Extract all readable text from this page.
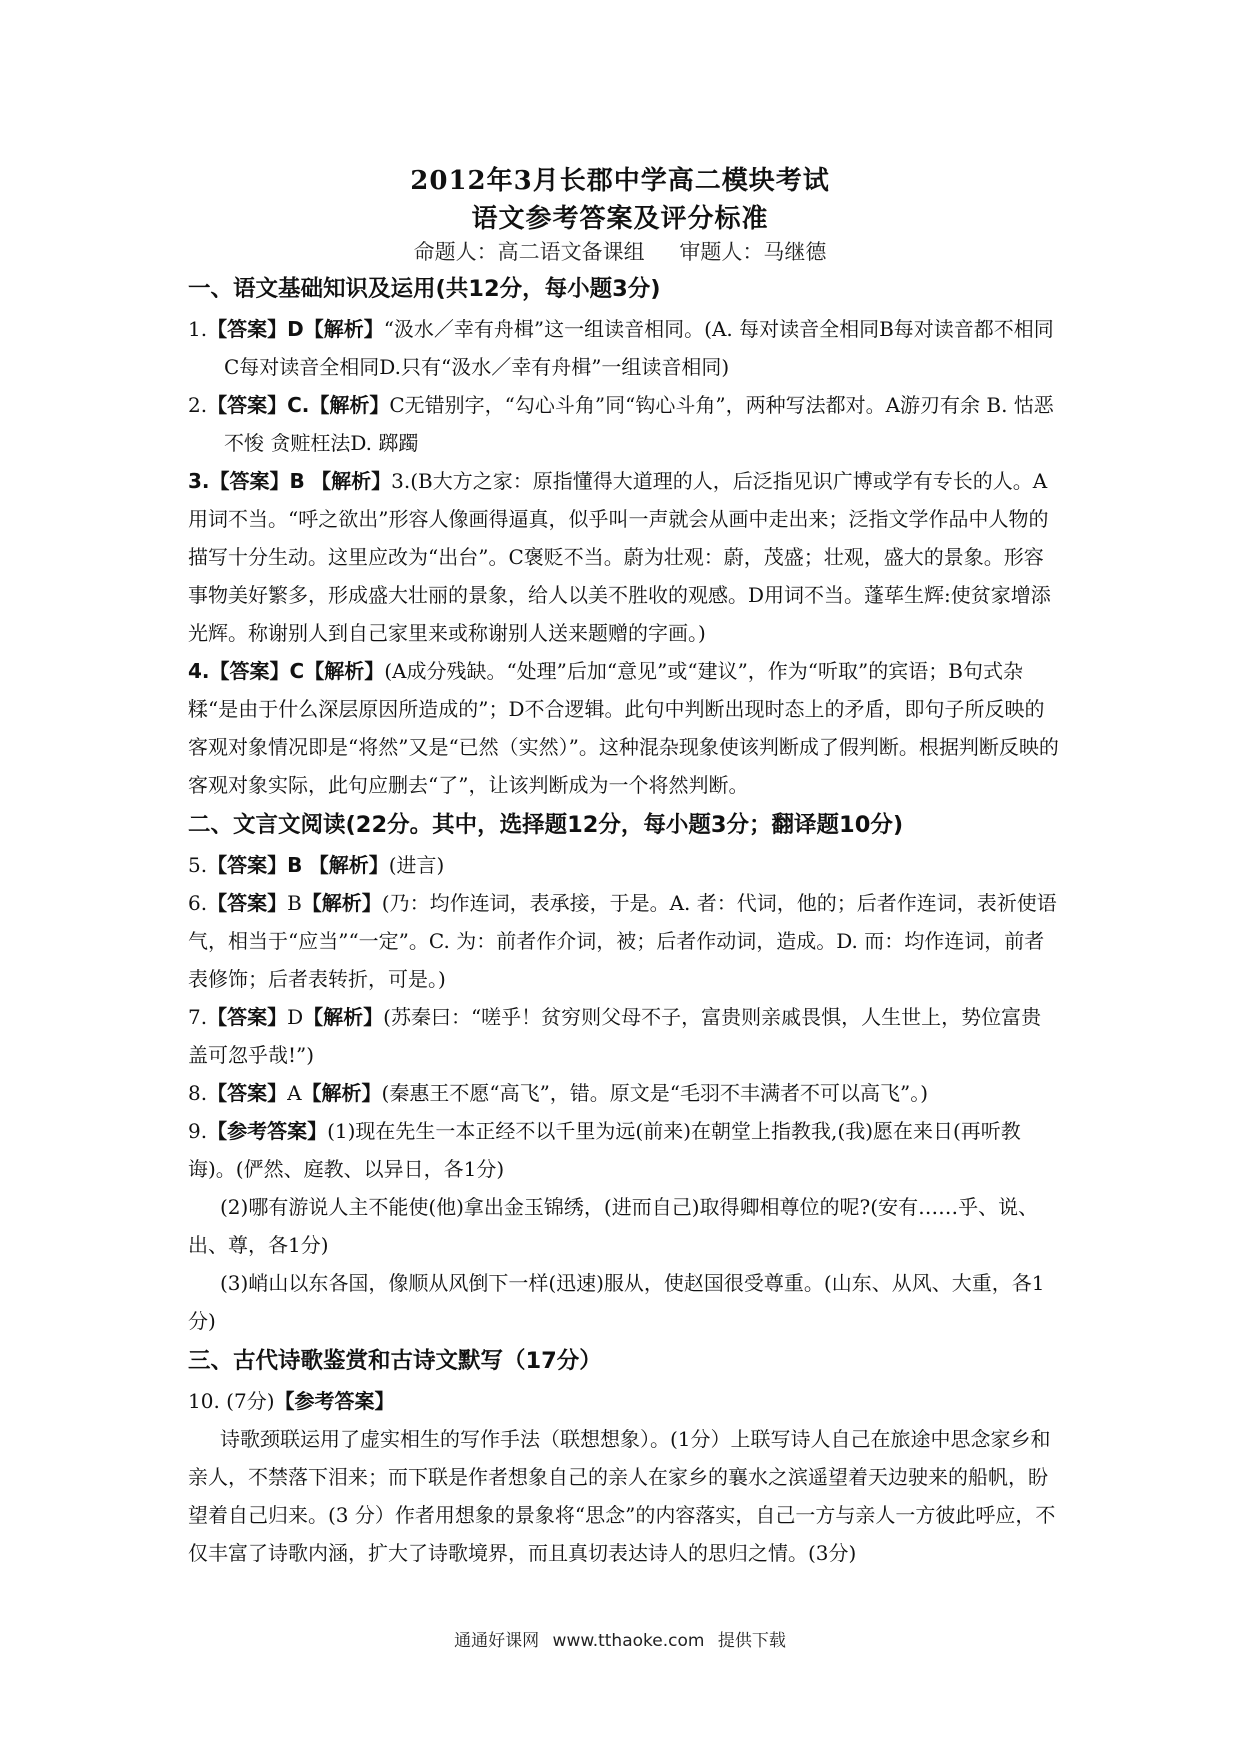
2012年3月长郡中学高二模块考试
语文参考答案及评分标准
命题人：高二语文备课组 审题人：马继德
一、语文基础知识及运用(共12分，每小题3分)

1.【答案】D【解析】“汲水／幸有舟楫”这一组读音相同。(A. 每对读音全相同B每对读音都不相同C每对读音全相同D.只有“汲水／幸有舟楫”一组读音相同)

2.【答案】C.【解析】C无错别字，“勾心斗角”同“钩心斗角”，两种写法都对。A游刃有余 B. 怙恶不悛 贪赃枉法D. 踯躅

3.【答案】B 【解析】3.(B大方之家：原指懂得大道理的人，后泛指见识广博或学有专长的人。A 用词不当。“呼之欲出”形容人像画得逼真，似乎叫一声就会从画中走出来；泛指文学作品中人物的描写十分生动。这里应改为“出台”。C褒贬不当。蔚为壮观：蔚，茂盛；壮观，盛大的景象。形容事物美好繁多，形成盛大壮丽的景象，给人以美不胜收的观感。D用词不当。蓬荜生辉:使贫家增添光辉。称谢别人到自己家里来或称谢别人送来题赠的字画。)

4.【答案】C【解析】(A成分残缺。“处理”后加“意见”或“建议”，作为“听取”的宾语；B句式杂糅“是由于什么深层原因所造成的”；D不合逻辑。此句中判断出现时态上的矛盾，即句子所反映的客观对象情况即是“将然”又是“已然（实然）”。这种混杂现象使该判断成了假判断。根据判断反映的客观对象实际，此句应删去“了”，让该判断成为一个将然判断。

二、文言文阅读(22分。其中，选择题12分，每小题3分；翻译题10分)

5.【答案】B 【解析】(进言)

6.【答案】B【解析】(乃：均作连词，表承接，于是。A. 者：代词，他的；后者作连词，表祈使语气，相当于“应当”“一定”。C. 为：前者作介词，被；后者作动词，造成。D. 而：均作连词，前者表修饰；后者表转折，可是。)

7.【答案】D【解析】(苏秦曰：“嗟乎！贫穷则父母不子，富贵则亲戚畏惧，人生世上，势位富贵盖可忽乎哉!”)

8.【答案】A【解析】(秦惠王不愿“高飞”，错。原文是“毛羽不丰满者不可以高飞”。)

9.【参考答案】(1)现在先生一本正经不以千里为远(前来)在朝堂上指教我,(我)愿在来日(再听教诲)。(俨然、庭教、以异日，各1分)

(2)哪有游说人主不能使(他)拿出金玉锦绣，(进而自己)取得卿相尊位的呢?(安有……乎、说、出、尊，各1分)

(3)峭山以东各国，像顺从风倒下一样(迅速)服从，使赵国很受尊重。(山东、从风、大重，各1分)

三、古代诗歌鉴赏和古诗文默写（17分）

10. (7分)【参考答案】

诗歌颈联运用了虚实相生的写作手法（联想想象）。(1分）上联写诗人自己在旅途中思念家乡和亲人，不禁落下泪来；而下联是作者想象自己的亲人在家乡的襄水之滨遥望着天边驶来的船帆，盼望着自己归来。(3 分）作者用想象的景象将“思念”的内容落实，自己一方与亲人一方彼此呼应，不仅丰富了诗歌内涵，扩大了诗歌境界，而且真切表达诗人的思归之情。(3分)

通通好课网 www.tthaoke.com 提供下载
